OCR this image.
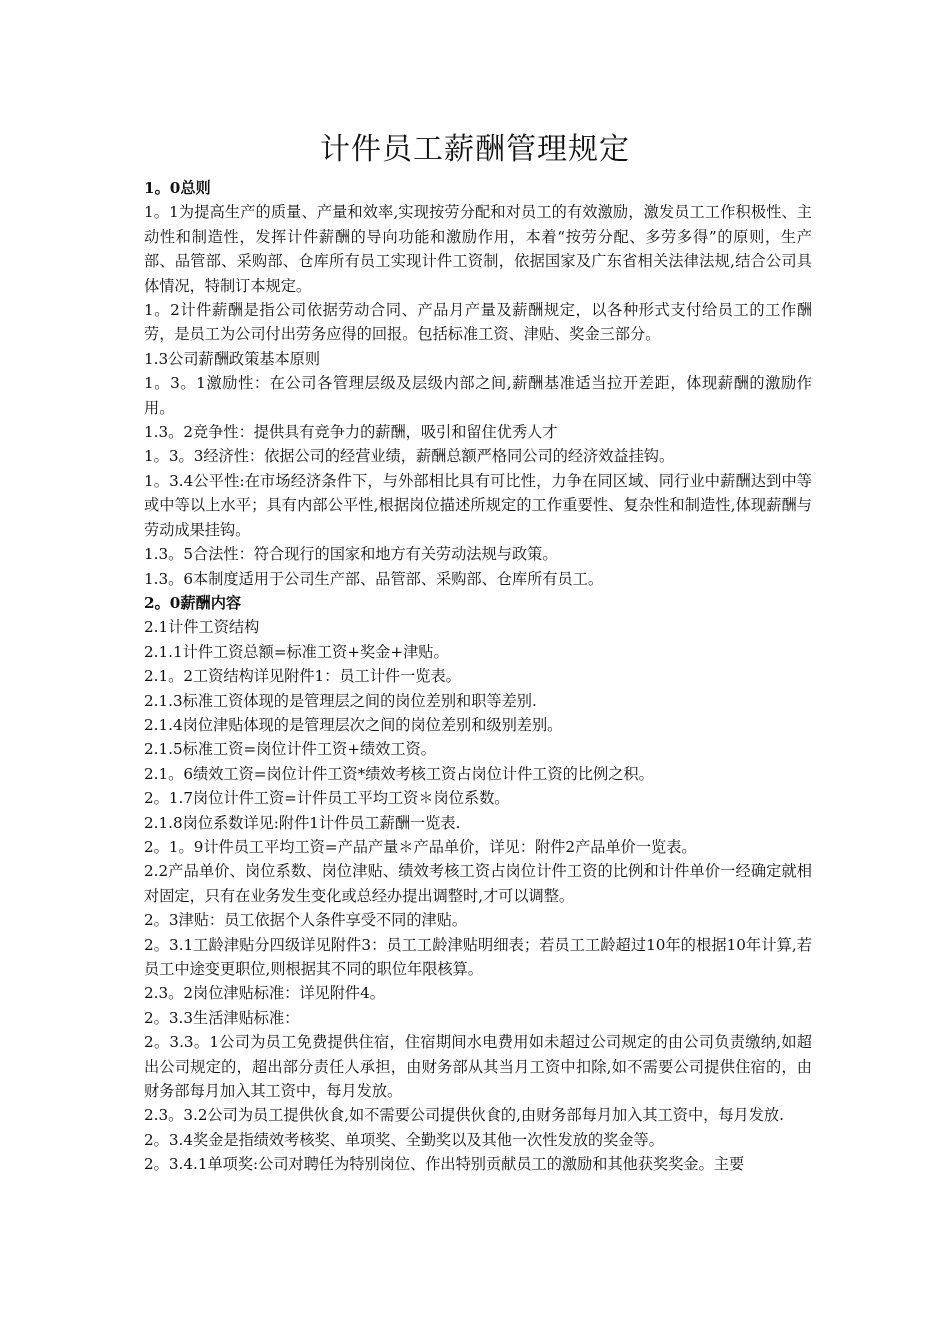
计件员工薪酬管理规定

1。0总则

1。1为提高生产的质量、产量和效率,实现按劳分配和对员工的有效激励，激发员工工作积极性、主动性和制造性，发挥计件薪酬的导向功能和激励作用，本着“按劳分配、多劳多得”的原则，生产部、品管部、采购部、仓库所有员工实现计件工资制，依据国家及广东省相关法律法规,结合公司具体情况，特制订本规定。

1。2计件薪酬是指公司依据劳动合同、产品月产量及薪酬规定，以各种形式支付给员工的工作酬劳，是员工为公司付出劳务应得的回报。包括标准工资、津贴、奖金三部分。

1.3公司薪酬政策基本原则

1。3。1激励性：在公司各管理层级及层级内部之间,薪酬基准适当拉开差距，体现薪酬的激励作用。

1.3。2竞争性：提供具有竞争力的薪酬，吸引和留住优秀人才

1。3。3经济性：依据公司的经营业绩，薪酬总额严格同公司的经济效益挂钩。

1。3.4公平性:在市场经济条件下，与外部相比具有可比性，力争在同区域、同行业中薪酬达到中等或中等以上水平；具有内部公平性,根据岗位描述所规定的工作重要性、复杂性和制造性,体现薪酬与劳动成果挂钩。

1.3。5合法性：符合现行的国家和地方有关劳动法规与政策。

1.3。6本制度适用于公司生产部、品管部、采购部、仓库所有员工。

2。0薪酬内容

2.1计件工资结构

2.1.1计件工资总额=标准工资+奖金+津贴。

2.1。2工资结构详见附件1：员工计件一览表。

2.1.3标准工资体现的是管理层之间的岗位差别和职等差别.

2.1.4岗位津贴体现的是管理层次之间的岗位差别和级别差别。

2.1.5标准工资=岗位计件工资+绩效工资。

2.1。6绩效工资=岗位计件工资*绩效考核工资占岗位计件工资的比例之积。

2。1.7岗位计件工资=计件员工平均工资＊岗位系数。

2.1.8岗位系数详见:附件1计件员工薪酬一览表.

2。1。9计件员工平均工资=产品产量＊产品单价，详见：附件2产品单价一览表。

2.2产品单价、岗位系数、岗位津贴、绩效考核工资占岗位计件工资的比例和计件单价一经确定就相对固定，只有在业务发生变化或总经办提出调整时,才可以调整。

2。3津贴：员工依据个人条件享受不同的津贴。

2。3.1工龄津贴分四级详见附件3：员工工龄津贴明细表；若员工工龄超过10年的根据10年计算,若员工中途变更职位,则根据其不同的职位年限核算。

2.3。2岗位津贴标准：详见附件4。

2。3.3生活津贴标准：

2。3.3。1公司为员工免费提供住宿，住宿期间水电费用如未超过公司规定的由公司负责缴纳,如超出公司规定的，超出部分责任人承担，由财务部从其当月工资中扣除,如不需要公司提供住宿的，由财务部每月加入其工资中，每月发放。

2.3。3.2公司为员工提供伙食,如不需要公司提供伙食的,由财务部每月加入其工资中，每月发放.

2。3.4奖金是指绩效考核奖、单项奖、全勤奖以及其他一次性发放的奖金等。

2。3.4.1单项奖:公司对聘任为特别岗位、作出特别贡献员工的激励和其他获奖奖金。主要
